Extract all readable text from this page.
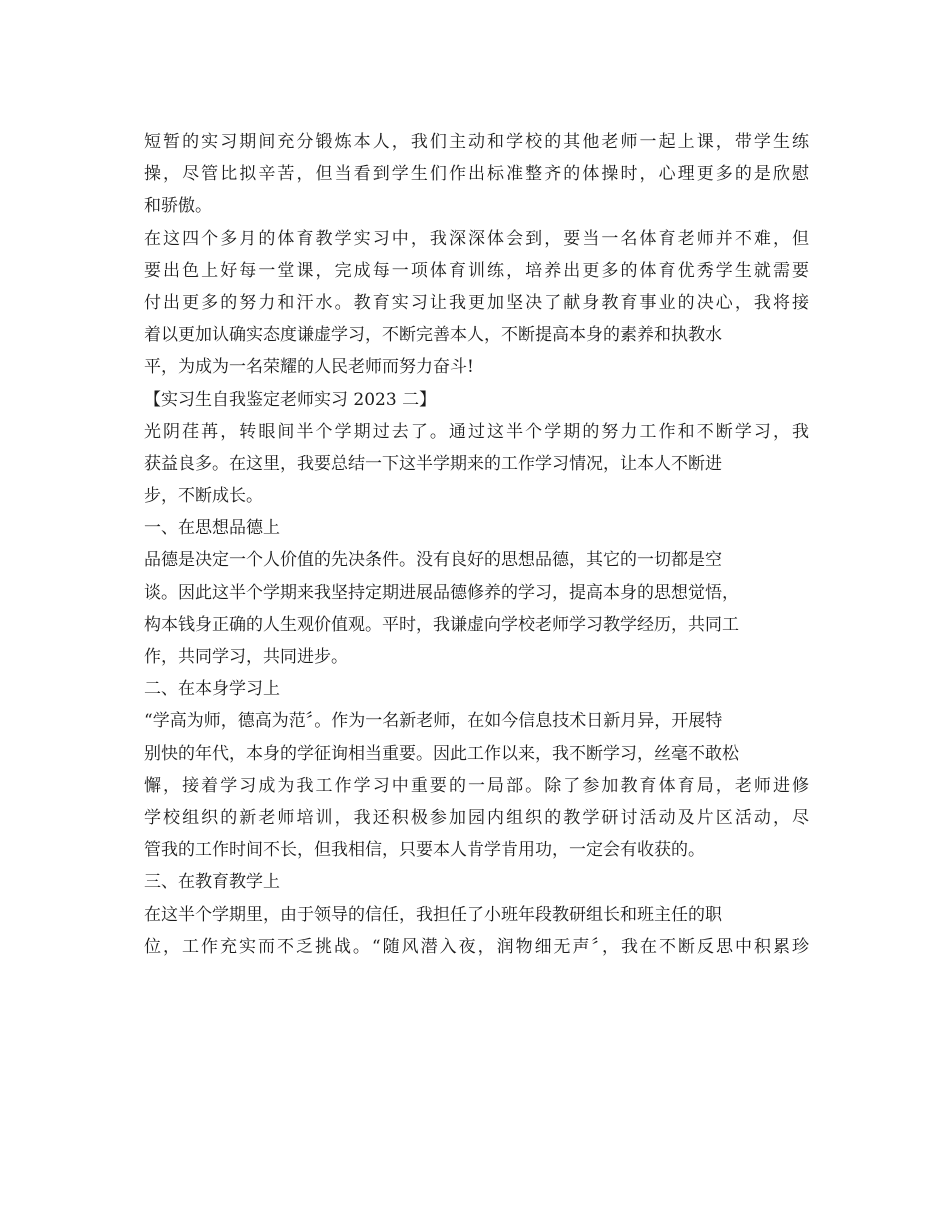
短暂的实习期间充分锻炼本人，我们主动和学校的其他老师一起上课，带学生练
操，尽管比拟辛苦，但当看到学生们作出标准整齐的体操时，心理更多的是欣慰
和骄傲。
在这四个多月的体育教学实习中，我深深体会到，要当一名体育老师并不难，但
要出色上好每一堂课，完成每一项体育训练，培养出更多的体育优秀学生就需要
付出更多的努力和汗水。教育实习让我更加坚决了献身教育事业的决心，我将接
着以更加认确实态度谦虚学习，不断完善本人，不断提高本身的素养和执教水
平，为成为一名荣耀的人民老师而努力奋斗!
【实习生自我鉴定老师实习 2023 二】
光阴荏苒，转眼间半个学期过去了。通过这半个学期的努力工作和不断学习，我
获益良多。在这里，我要总结一下这半学期来的工作学习情况，让本人不断进
步，不断成长。
一、在思想品德上
品德是决定一个人价值的先决条件。没有良好的思想品德，其它的一切都是空
谈。因此这半个学期来我坚持定期进展品德修养的学习，提高本身的思想觉悟，
构本钱身正确的人生观价值观。平时，我谦虚向学校老师学习教学经历，共同工
作，共同学习，共同进步。
二、在本身学习上
“学高为师，德高为范〞。作为一名新老师，在如今信息技术日新月异，开展特
别快的年代，本身的学征询相当重要。因此工作以来，我不断学习，丝毫不敢松
懈，接着学习成为我工作学习中重要的一局部。除了参加教育体育局，老师进修
学校组织的新老师培训，我还积极参加园内组织的教学研讨活动及片区活动，尽
管我的工作时间不长，但我相信，只要本人肯学肯用功，一定会有收获的。
三、在教育教学上
在这半个学期里，由于领导的信任，我担任了小班年段教研组长和班主任的职
位，工作充实而不乏挑战。“随风潜入夜，润物细无声〞，我在不断反思中积累珍
